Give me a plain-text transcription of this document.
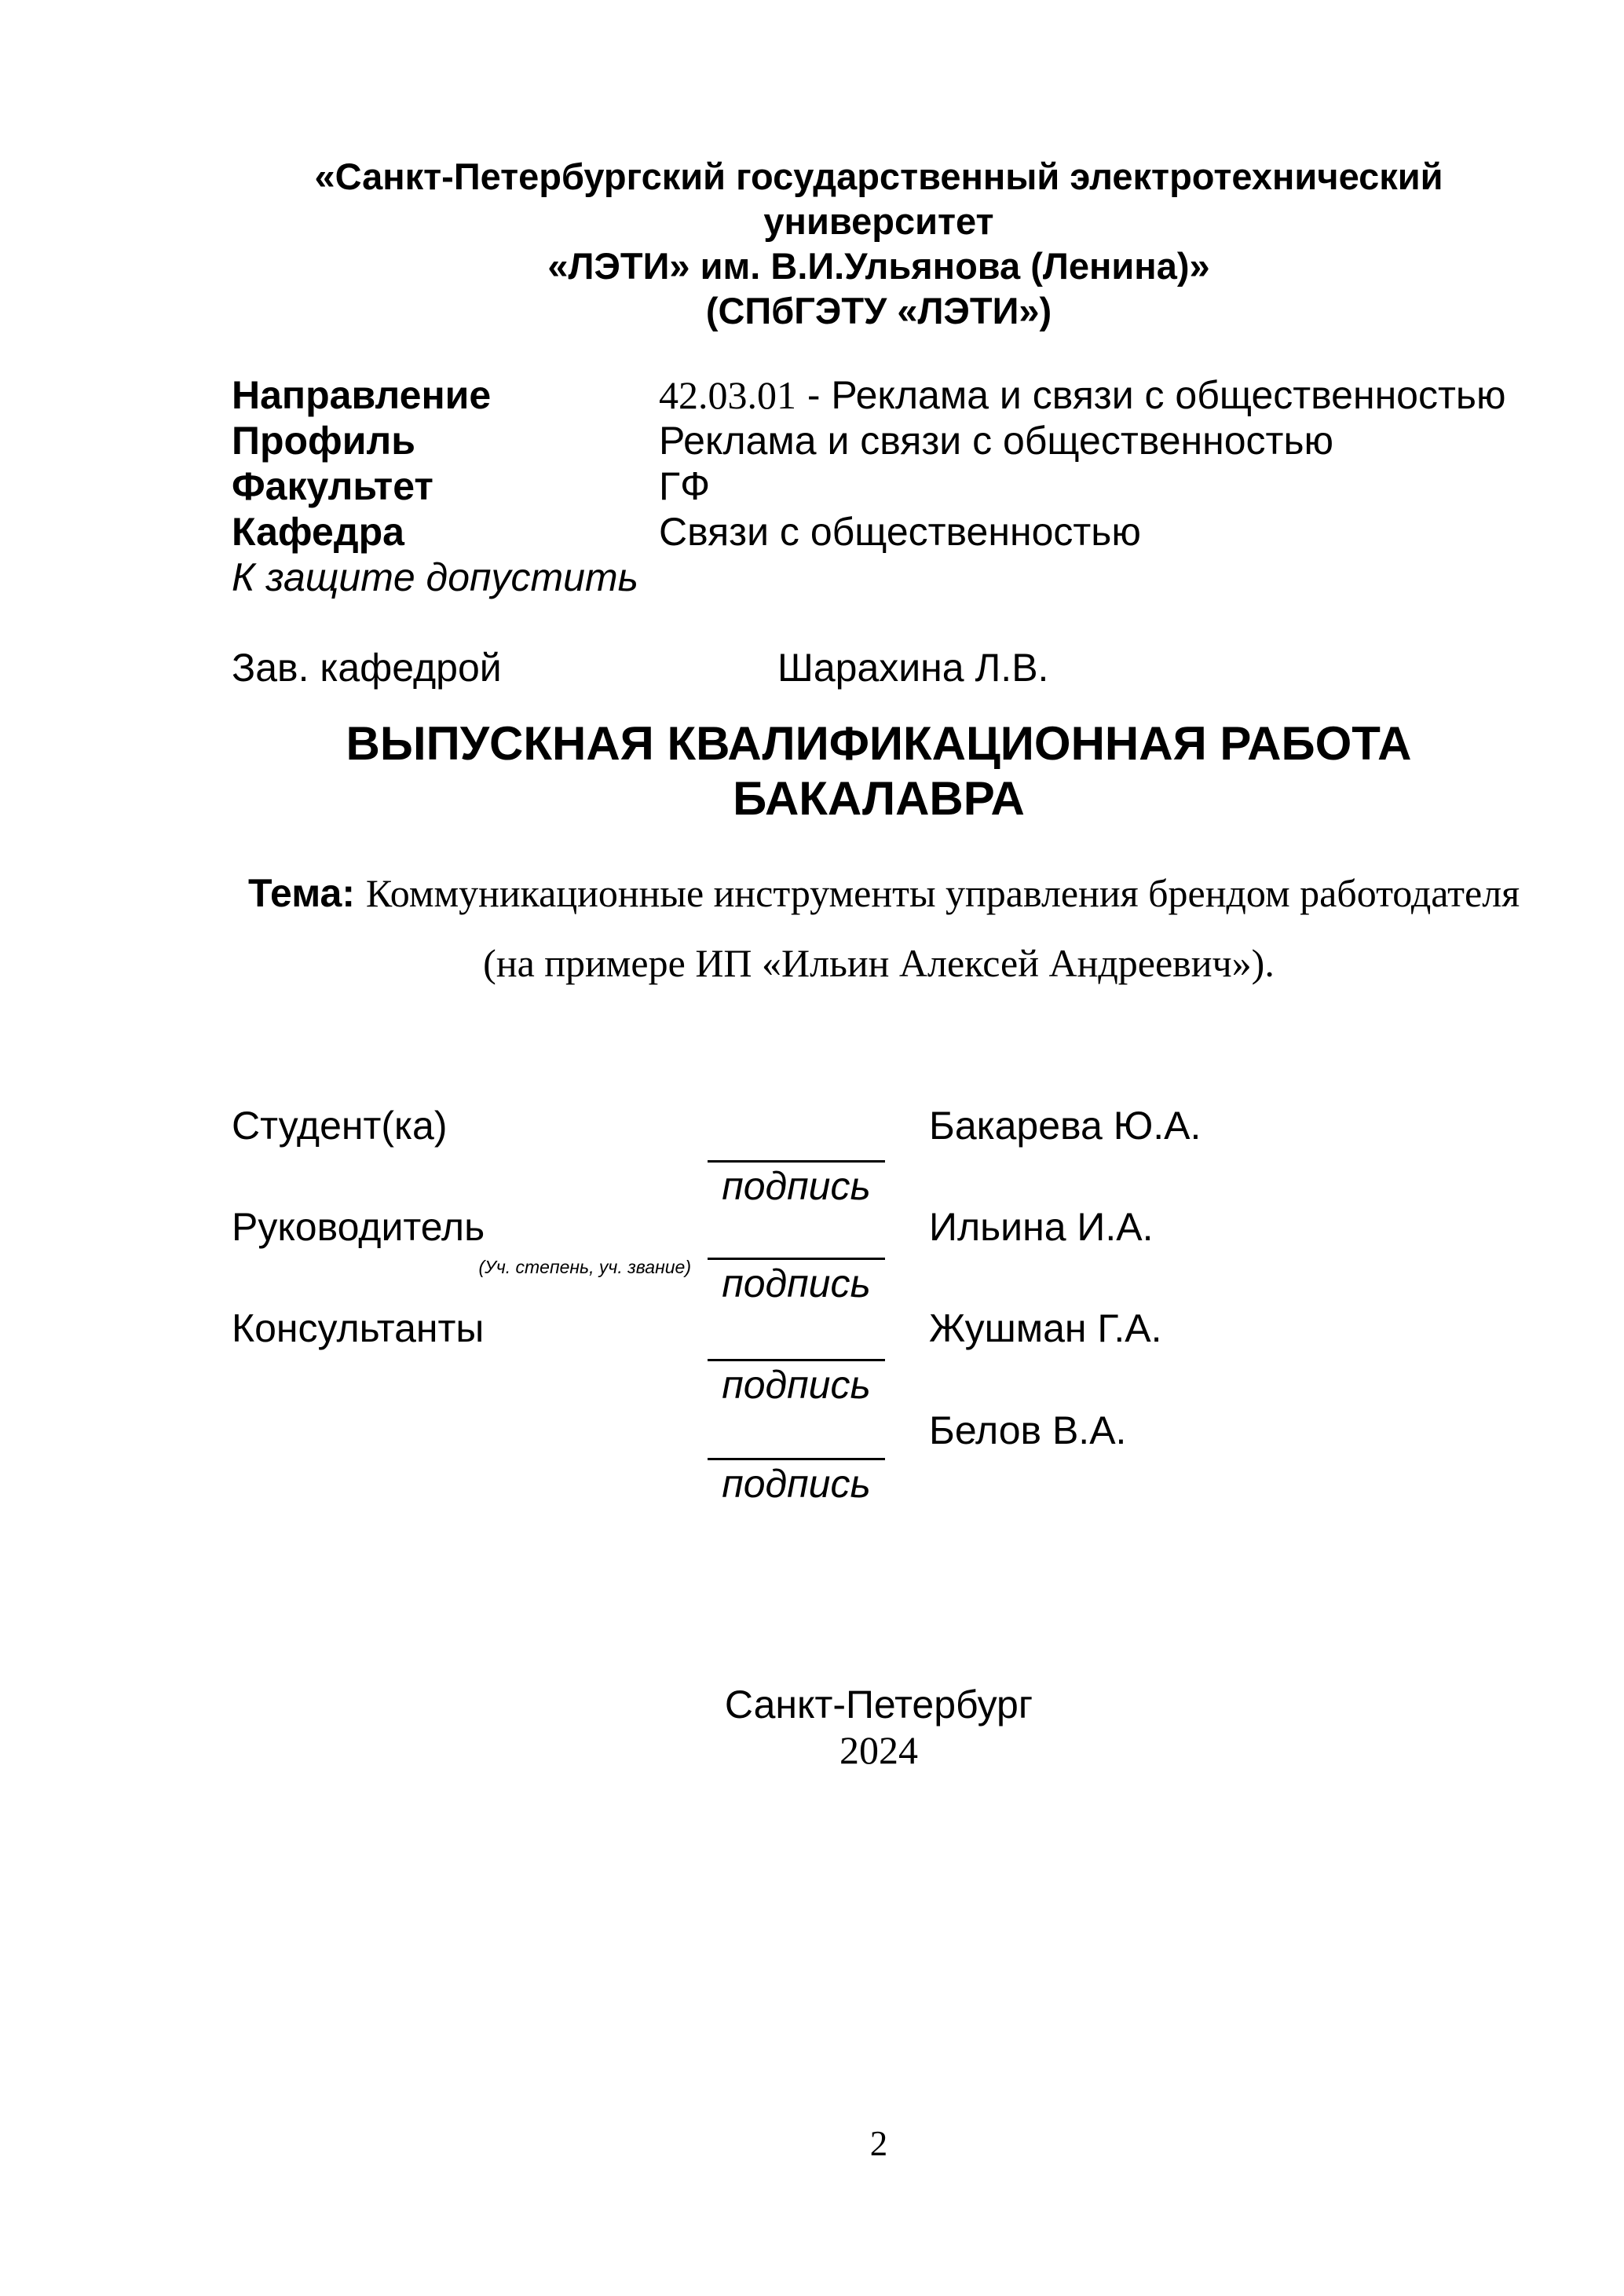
«Санкт-Петербургский государственный электротехнический
университет
«ЛЭТИ» им. В.И.Ульянова (Ленина)»
(СПбГЭТУ «ЛЭТИ»)
Направление	42.03.01 - Реклама и связи с общественностью
Профиль	Реклама и связи с общественностью
Факультет	ГФ
Кафедра	Связи с общественностью
К защите допустить
Зав. кафедрой	Шарахина Л.В.
ВЫПУСКНАЯ КВАЛИФИКАЦИОННАЯ РАБОТА
БАКАЛАВРА
Тема: Коммуникационные инструменты управления брендом работодателя
(на примере ИП «Ильин Алексей Андреевич»).
Студент(ка)	Бакарева Ю.А.
подпись
Руководитель	Ильина И.А.
(Уч. степень, уч. звание) подпись
Консультанты	Жушман Г.А.
подпись
Белов В.А.
подпись
Санкт-Петербург
2024
2
